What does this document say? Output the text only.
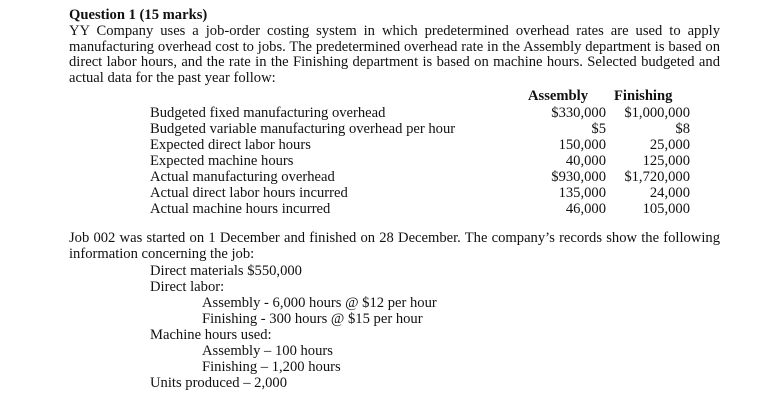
Question 1 (15 marks)
YY Company uses a job-order costing system in which predetermined overhead rates are used to apply
manufacturing overhead cost to jobs. The predetermined overhead rate in the Assembly department is based on
direct labor hours, and the rate in the Finishing department is based on machine hours. Selected budgeted and
actual data for the past year follow:
Assembly Finishing
Budgeted fixed manufacturing overhead	$330,000 $1,000,000
Budgeted variable manufacturing overhead per hour	$5	$8
Expected direct labor hours	150,000	25,000
Expected machine hours	40,000	125,000
Actual manufacturing overhead	$930,000 $1,720,000
Actual direct labor hours incurred	135,000	24,000
Actual machine hours incurred	46,000	105,000
Job 002 was started on 1 December and finished on 28 December. The company’s records show the following
information concerning the job:
Direct materials $550,000
Direct labor:
Assembly - 6,000 hours @ $12 per hour
Finishing - 300 hours @ $15 per hour
Machine hours used:
Assembly – 100 hours
Finishing – 1,200 hours
Units produced – 2,000
